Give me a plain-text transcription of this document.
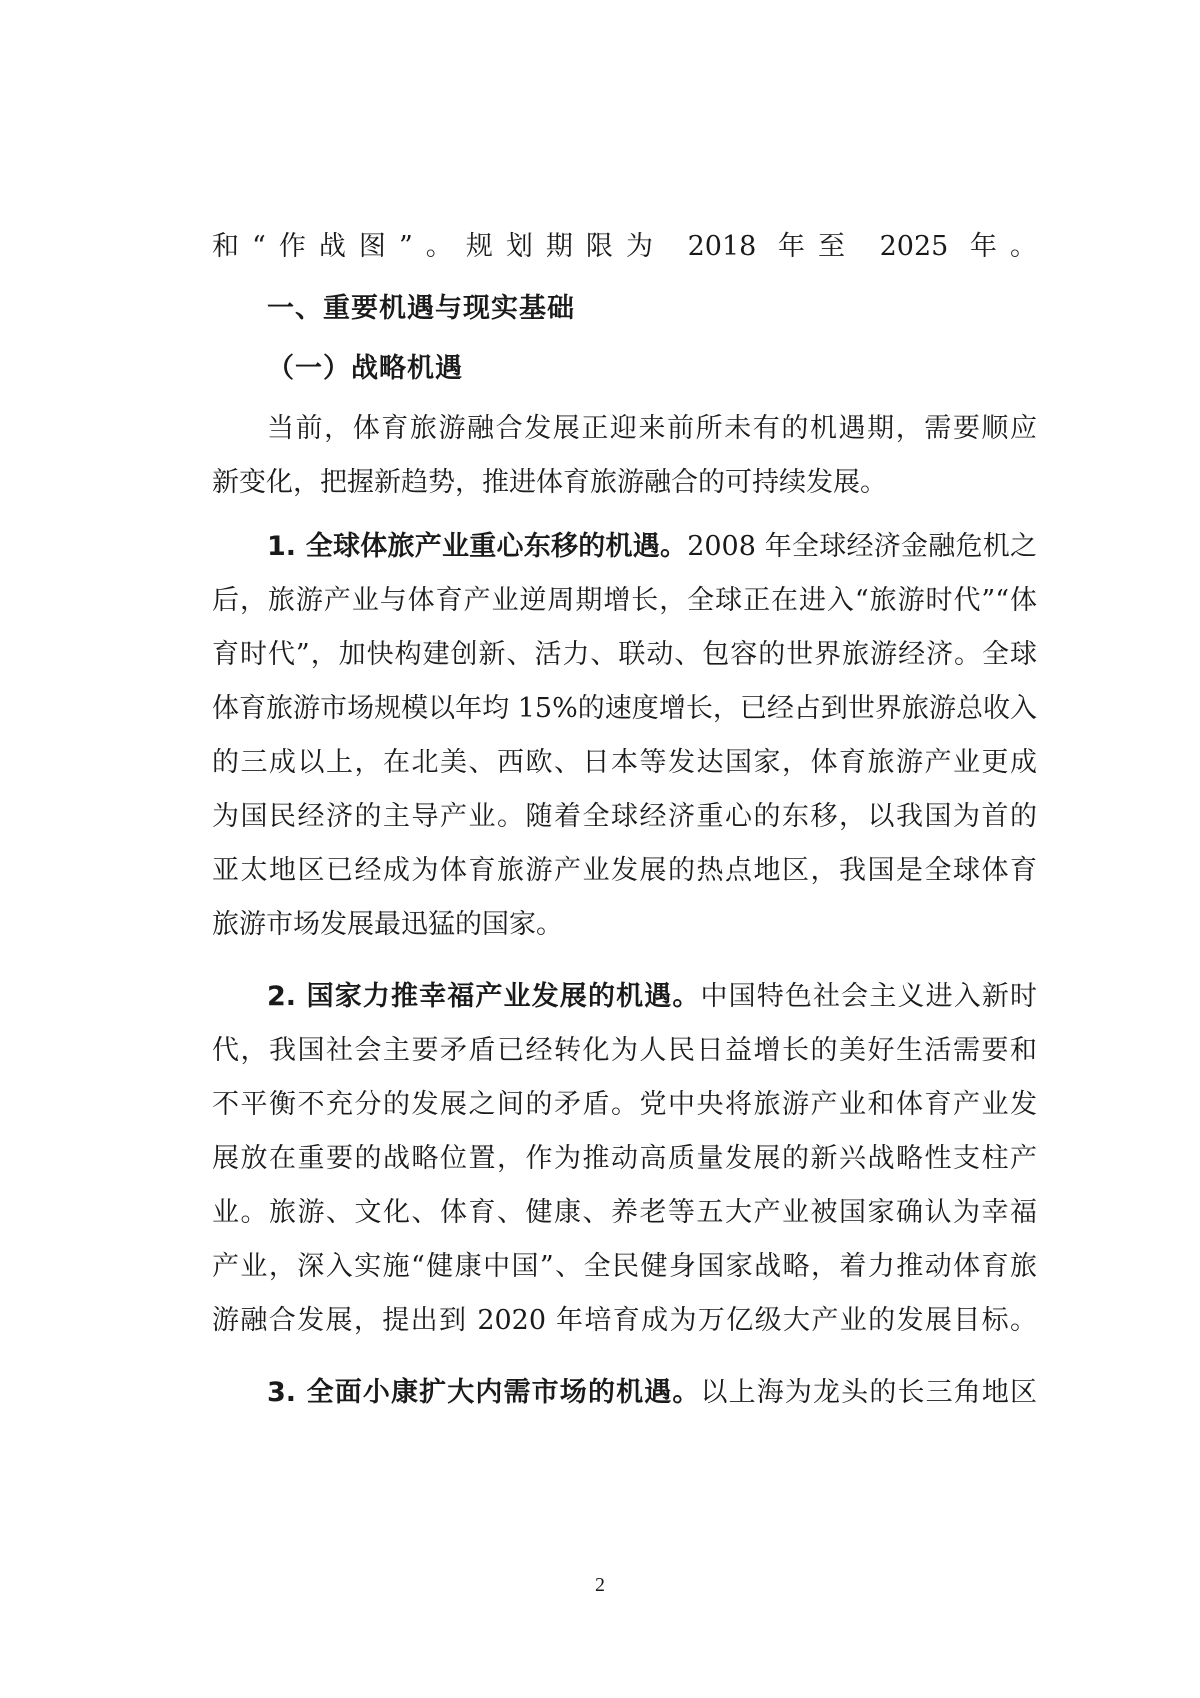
和“作战图”。规划期限为 2018 年至 2025 年。
一、重要机遇与现实基础
（一）战略机遇
当前，体育旅游融合发展正迎来前所未有的机遇期，需要顺应
新变化，把握新趋势，推进体育旅游融合的可持续发展。
1. 全球体旅产业重心东移的机遇。2008 年全球经济金融危机之
后，旅游产业与体育产业逆周期增长，全球正在进入“旅游时代”“体
育时代”，加快构建创新、活力、联动、包容的世界旅游经济。全球
体育旅游市场规模以年均 15%的速度增长，已经占到世界旅游总收入
的三成以上，在北美、西欧、日本等发达国家，体育旅游产业更成
为国民经济的主导产业。随着全球经济重心的东移，以我国为首的
亚太地区已经成为体育旅游产业发展的热点地区，我国是全球体育
旅游市场发展最迅猛的国家。
2. 国家力推幸福产业发展的机遇。中国特色社会主义进入新时
代，我国社会主要矛盾已经转化为人民日益增长的美好生活需要和
不平衡不充分的发展之间的矛盾。党中央将旅游产业和体育产业发
展放在重要的战略位置，作为推动高质量发展的新兴战略性支柱产
业。旅游、文化、体育、健康、养老等五大产业被国家确认为幸福
产业，深入实施“健康中国”、全民健身国家战略，着力推动体育旅
游融合发展，提出到 2020 年培育成为万亿级大产业的发展目标。
3. 全面小康扩大内需市场的机遇。以上海为龙头的长三角地区
2
